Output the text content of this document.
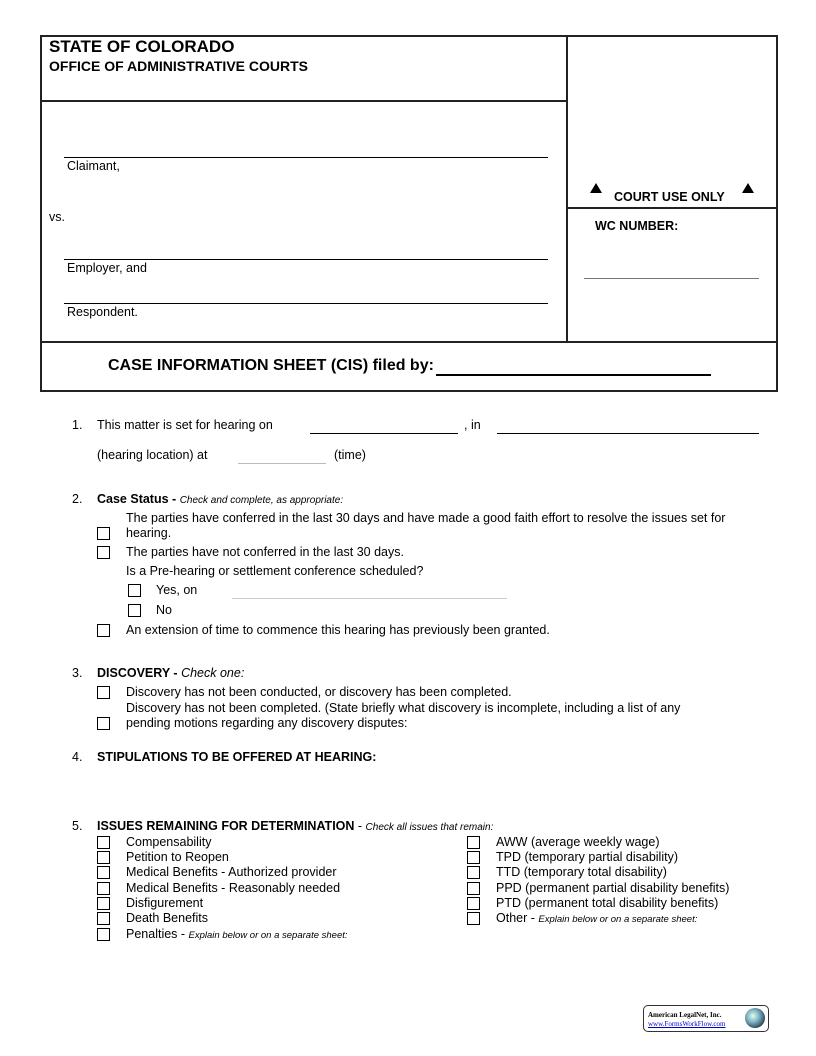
STATE OF COLORADO
OFFICE OF ADMINISTRATIVE COURTS
Claimant,
vs.
Employer, and
Respondent.
COURT USE ONLY
WC NUMBER:
CASE INFORMATION SHEET (CIS) filed by:
1. This matter is set for hearing on	, in
(hearing location) at	(time)
2. Case Status - Check and complete, as appropriate:
The parties have conferred in the last 30 days and have made a good faith effort to resolve the issues set for
hearing.
The parties have not conferred in the last 30 days.
Is a Pre-hearing or settlement conference scheduled?
Yes, on
No
An extension of time to commence this hearing has previously been granted.
3. DISCOVERY - Check one:
Discovery has not been conducted, or discovery has been completed.
Discovery has not been completed. (State briefly what discovery is incomplete, including a list of any
pending motions regarding any discovery disputes:
4. STIPULATIONS TO BE OFFERED AT HEARING:
5. ISSUES REMAINING FOR DETERMINATION - Check all issues that remain:
Compensability
Petition to Reopen
Medical Benefits - Authorized provider
Medical Benefits - Reasonably needed
Disfigurement
Death Benefits
Penalties - Explain below or on a separate sheet:
AWW (average weekly wage)
TPD (temporary partial disability)
TTD (temporary total disability)
PPD (permanent partial disability benefits)
PTD (permanent total disability benefits)
Other - Explain below or on a separate sheet:
American LegalNet, Inc.
www.FormsWorkFlow.com
